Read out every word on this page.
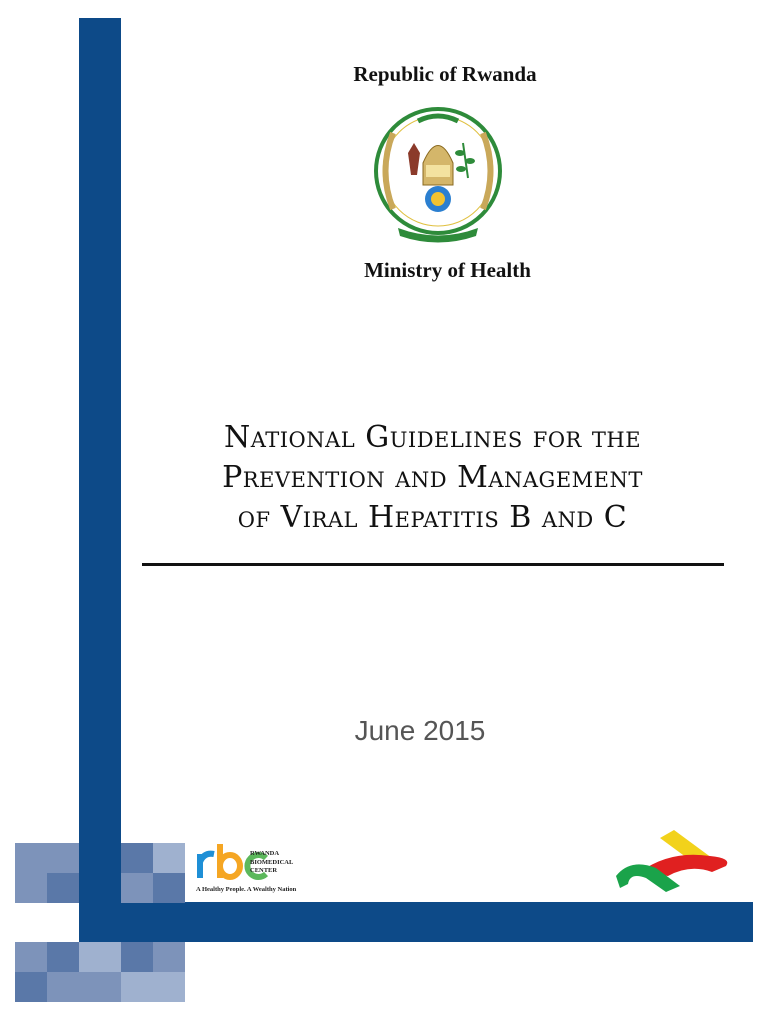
Republic of Rwanda
Ministry of Health
National Guidelines for the
Prevention and Management
of Viral Hepatitis B and C
June 2015
RWANDA
BIOMEDICAL
CENTER
A Healthy People. A Wealthy Nation
